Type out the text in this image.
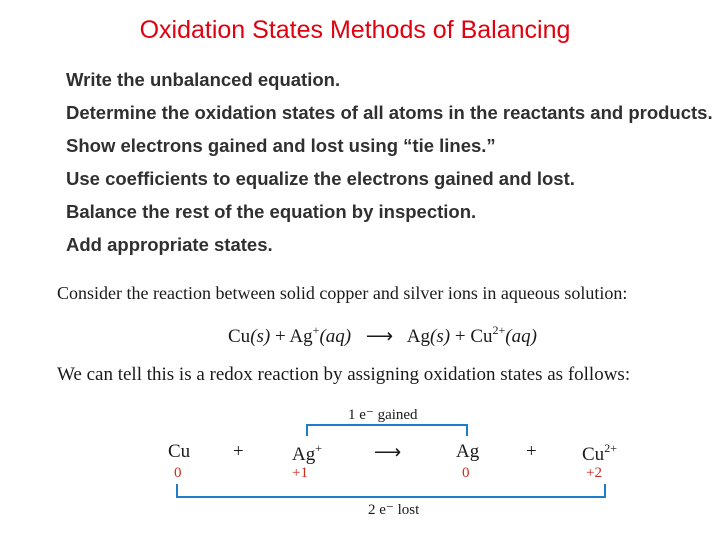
Oxidation States Methods of Balancing
Write the unbalanced equation.
Determine the oxidation states of all atoms in the reactants and products.
Show electrons gained and lost using “tie lines.”
Use coefficients to equalize the electrons gained and lost.
Balance the rest of the equation by inspection.
Add appropriate states.
Consider the reaction between solid copper and silver ions in aqueous solution:
Cu(s) + Ag+(aq) ⟶ $Ag(s) + Cu^{2+}(aq)$
We can tell this is a redox reaction by assigning oxidation states as follows:
1 e⁻ gained
Cu +	Ag+	⟶	$Ag + Cu^{2+}$
0	+1	0	+2
2 e⁻ lost
